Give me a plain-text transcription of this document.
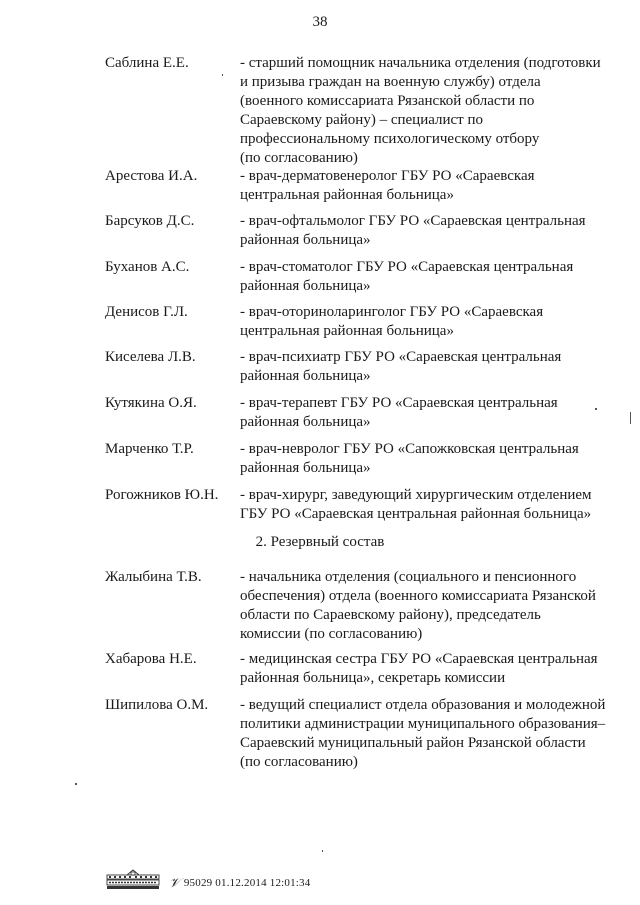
38
Саблина Е.Е.	- старший помощник начальника отделения (подготовки
и призыва граждан на военную службу) отдела
(военного комиссариата Рязанской области по
Сараевскому району) – специалист по
профессиональному психологическому отбору
(по согласованию)
Арестова И.А.	- врач-дерматовенеролог ГБУ РО «Сараевская
центральная районная больница»
Барсуков Д.С.	- врач-офтальмолог ГБУ РО «Сараевская центральная
районная больница»
Буханов А.С.	- врач-стоматолог ГБУ РО «Сараевская центральная
районная больница»
Денисов Г.Л.	- врач-оториноларинголог ГБУ РО «Сараевская
центральная районная больница»
Киселева Л.В.	- врач-психиатр ГБУ РО «Сараевская центральная
районная больница»
Кутякина О.Я.	- врач-терапевт ГБУ РО «Сараевская центральная
районная больница»
Марченко Т.Р.	- врач-невролог ГБУ РО «Сапожковская центральная
районная больница»
Рогожников Ю.Н.	- врач-хирург, заведующий хирургическим отделением
ГБУ РО «Сараевская центральная районная больница»
2. Резервный состав
Жалыбина Т.В.	- начальника отделения (социального и пенсионного
обеспечения) отдела (военного комиссариата Рязанской
области по Сараевскому району), председатель
комиссии (по согласованию)
Хабарова Н.Е.	- медицинская сестра ГБУ РО «Сараевская центральная
районная больница», секретарь комиссии
Шипилова О.М.	- ведущий специалист отдела образования и молодежной
политики администрации муниципального образования–
Сараевский муниципальный район Рязанской области
(по согласованию)
𝒱 95029 01.12.2014 12:01:34
